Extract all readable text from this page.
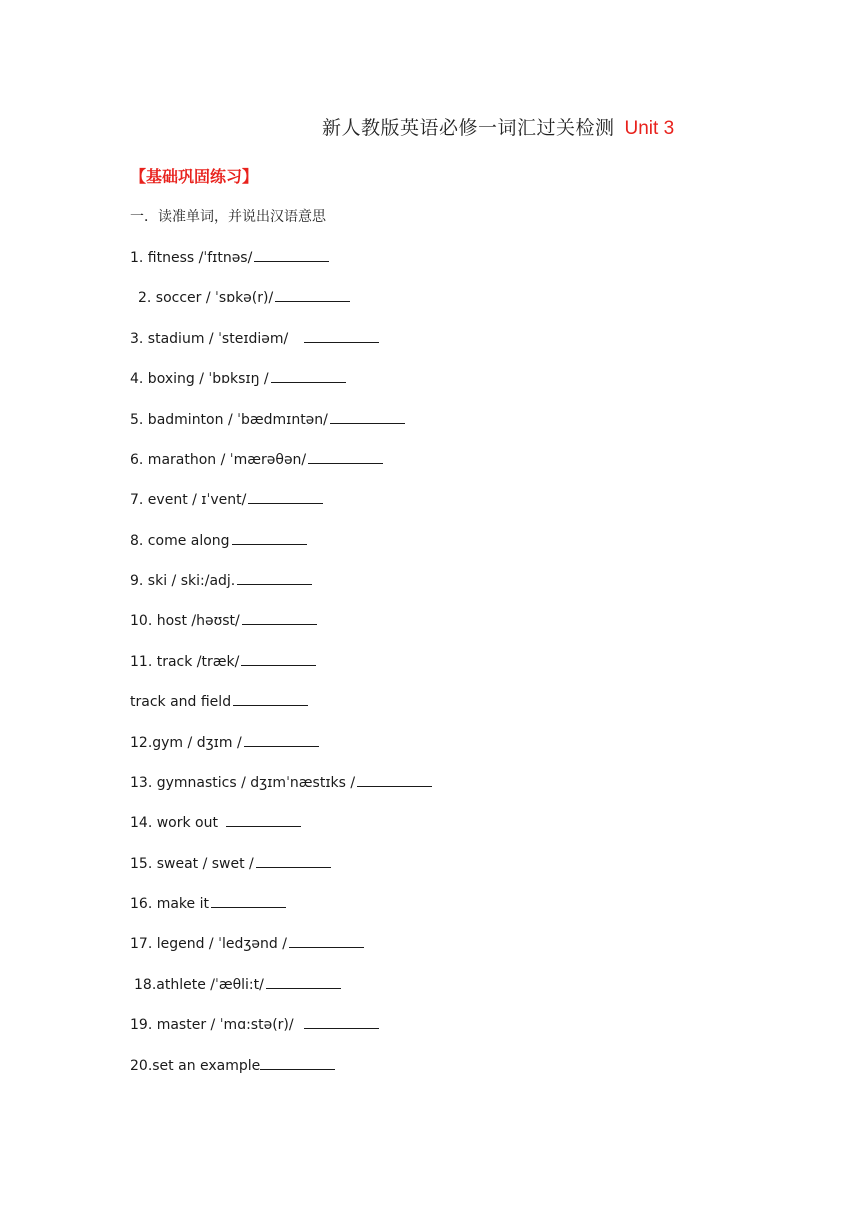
新人教版英语必修一词汇过关检测 Unit 3
【基础巩固练习】
一．读准单词，并说出汉语意思
1. fitness /ˈfɪtnəs/
2. soccer / ˈsɒkə(r)/
3. stadium / ˈsteɪdiəm/
4. boxing / ˈbɒksɪŋ /
5. badminton / ˈbædmɪntən/
6. marathon / ˈmærəθən/
7. event / ɪˈvent/
8. come along
9. ski / ski:/adj.
10. host /həʊst/
11. track /træk/
track and field
12.gym / dʒɪm /
13. gymnastics / dʒɪmˈnæstɪks /
14. work out
15. sweat / swet /
16. make it
17. legend / ˈledʒənd /
18.athlete /ˈæθli:t/
19. master / ˈmɑ:stə(r)/
20.set an example
